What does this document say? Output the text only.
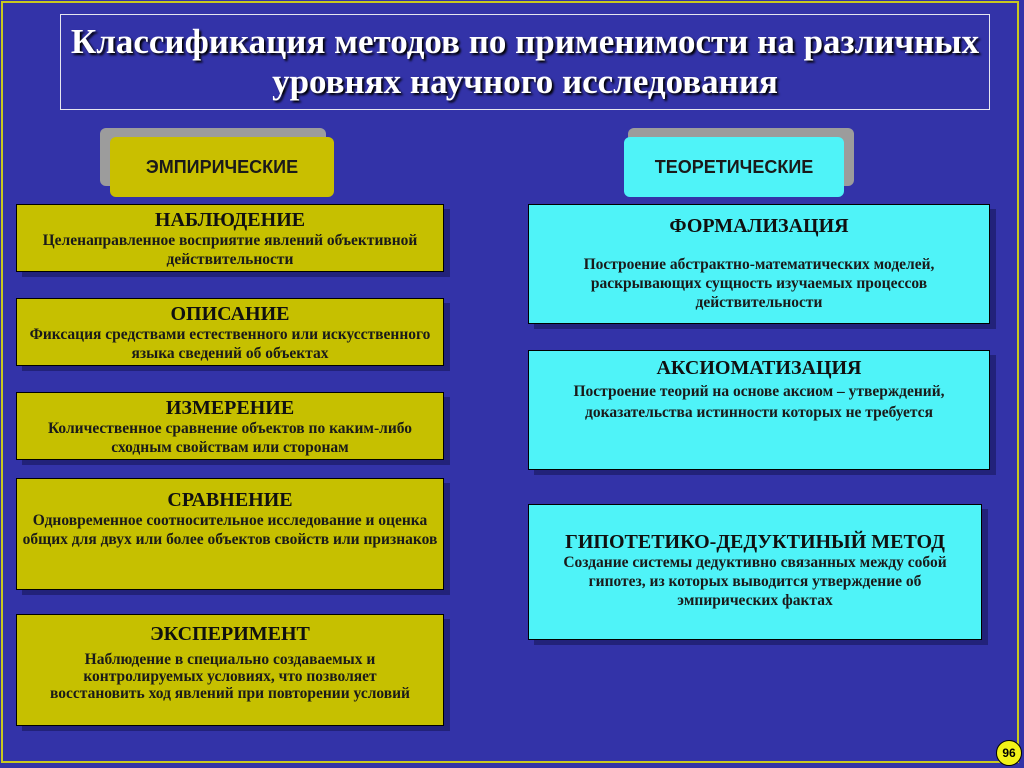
Классификация методов по применимости на различных уровнях научного исследования
ЭМПИРИЧЕСКИЕ	ТЕОРЕТИЧЕСКИЕ
НАБЛЮДЕНИЕ
Целенаправленное восприятие явлений объективной действительности
ОПИСАНИЕ
Фиксация средствами естественного или искусственного языка сведений об объектах
ИЗМЕРЕНИЕ
Количественное сравнение объектов по каким-либо сходным свойствам или сторонам
СРАВНЕНИЕ
Одновременное соотносительное исследование и оценка общих для двух или более объектов свойств или признаков
ЭКСПЕРИМЕНТ
Наблюдение в специально создаваемых и контролируемых условиях, что позволяет восстановить ход явлений при повторении условий
ФОРМАЛИЗАЦИЯ
Построение абстрактно-математических моделей, раскрывающих сущность изучаемых процессов действительности
АКСИОМАТИЗАЦИЯ
Построение теорий на основе аксиом – утверждений, доказательства истинности которых не требуется
ГИПОТЕТИКО-ДЕДУКТИНЫЙ МЕТОД
Создание системы дедуктивно связанных между собой гипотез, из которых выводится утверждение об эмпирических фактах
96
